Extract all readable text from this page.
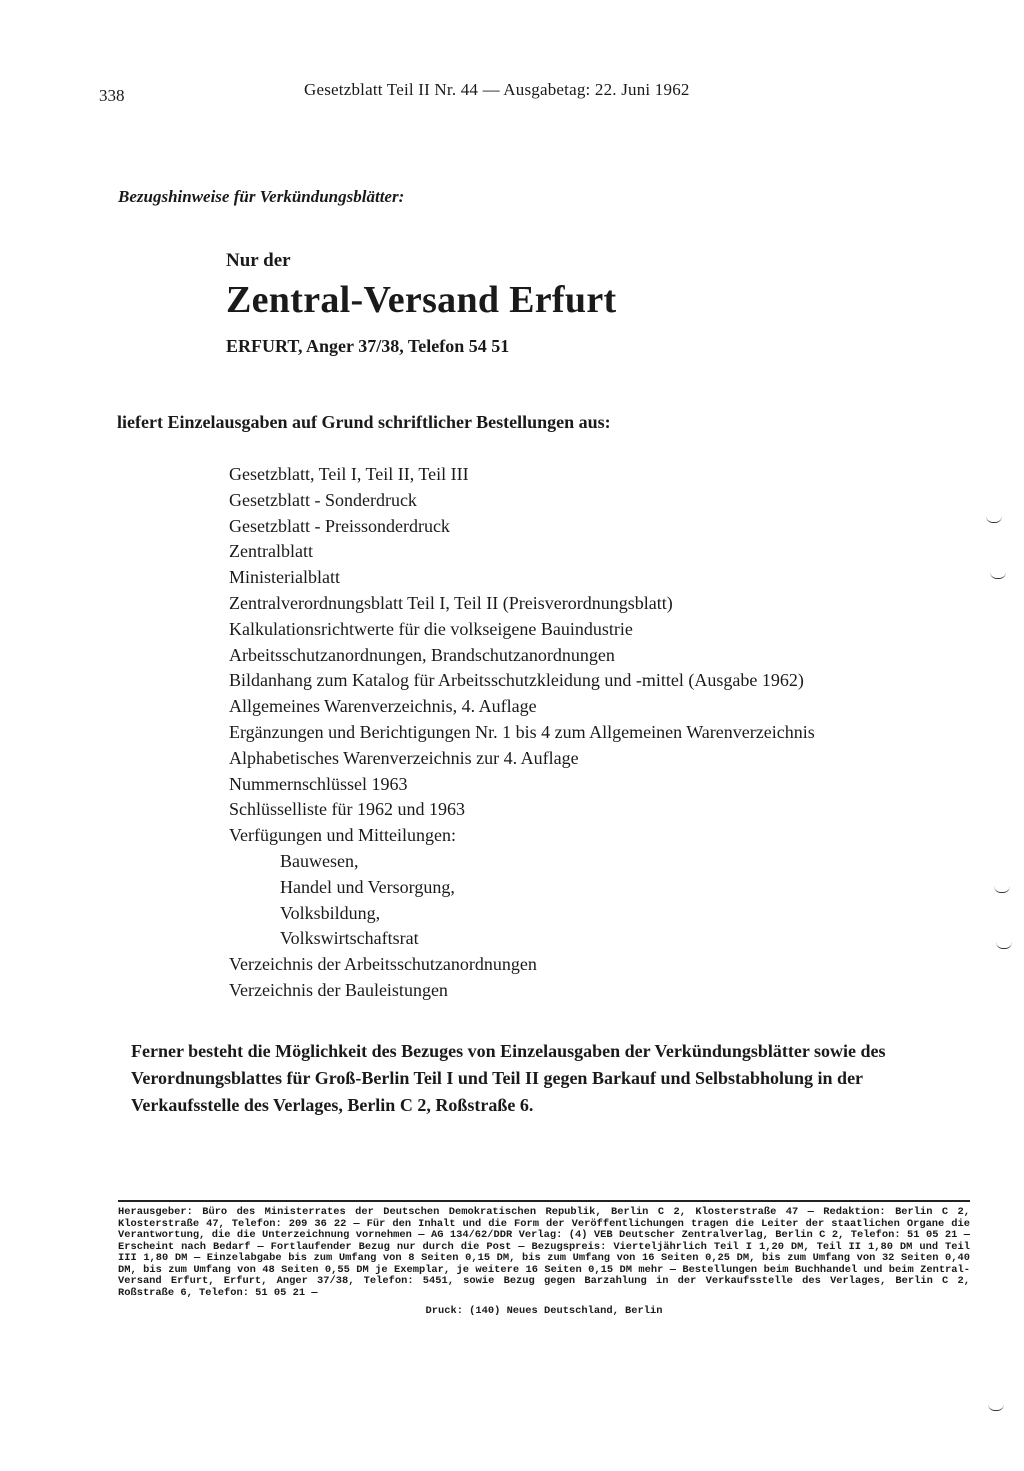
338	Gesetzblatt Teil II Nr. 44 — Ausgabetag: 22. Juni 1962
Bezugshinweise für Verkündungsblätter:
Nur der
Zentral-Versand Erfurt
ERFURT, Anger 37/38, Telefon 54 51
liefert Einzelausgaben auf Grund schriftlicher Bestellungen aus:
Gesetzblatt, Teil I, Teil II, Teil III
Gesetzblatt - Sonderdruck
Gesetzblatt - Preissonderdruck
Zentralblatt
Ministerialblatt
Zentralverordnungsblatt Teil I, Teil II (Preisverordnungsblatt)
Kalkulationsrichtwerte für die volkseigene Bauindustrie
Arbeitsschutzanordnungen, Brandschutzanordnungen
Bildanhang zum Katalog für Arbeitsschutzkleidung und -mittel (Ausgabe 1962)
Allgemeines Warenverzeichnis, 4. Auflage
Ergänzungen und Berichtigungen Nr. 1 bis 4 zum Allgemeinen Warenverzeichnis
Alphabetisches Warenverzeichnis zur 4. Auflage
Nummernschlüssel 1963
Schlüsselliste für 1962 und 1963
Verfügungen und Mitteilungen:
Bauwesen,
Handel und Versorgung,
Volksbildung,
Volkswirtschaftsrat
Verzeichnis der Arbeitsschutzanordnungen
Verzeichnis der Bauleistungen
Ferner besteht die Möglichkeit des Bezuges von Einzelausgaben der Verkündungsblätter sowie des Verordnungsblattes für Groß-Berlin Teil I und Teil II gegen Barkauf und Selbstabholung in der Verkaufsstelle des Verlages, Berlin C 2, Roßstraße 6.
Herausgeber: Büro des Ministerrates der Deutschen Demokratischen Republik, Berlin C 2, Klosterstraße 47 — Redaktion: Berlin C 2, Klosterstraße 47, Telefon: 209 36 22 — Für den Inhalt und die Form der Veröffentlichungen tragen die Leiter der staatlichen Organe die Verantwortung, die die Unterzeichnung vornehmen — AG 134/62/DDR Verlag: (4) VEB Deutscher Zentralverlag, Berlin C 2, Telefon: 51 05 21 — Erscheint nach Bedarf — Fortlaufender Bezug nur durch die Post — Bezugspreis: Vierteljährlich Teil I 1,20 DM, Teil II 1,80 DM und Teil III 1,80 DM — Einzelabgabe bis zum Umfang von 8 Seiten 0,15 DM, bis zum Umfang von 16 Seiten 0,25 DM, bis zum Umfang von 32 Seiten 0,40 DM, bis zum Umfang von 48 Seiten 0,55 DM je Exemplar, je weitere 16 Seiten 0,15 DM mehr — Bestellungen beim Buchhandel und beim Zentral-Versand Erfurt, Erfurt, Anger 37/38, Telefon: 5451, sowie Bezug gegen Barzahlung in der Verkaufsstelle des Verlages, Berlin C 2, Roßstraße 6, Telefon: 51 05 21 —
Druck: (140) Neues Deutschland, Berlin
